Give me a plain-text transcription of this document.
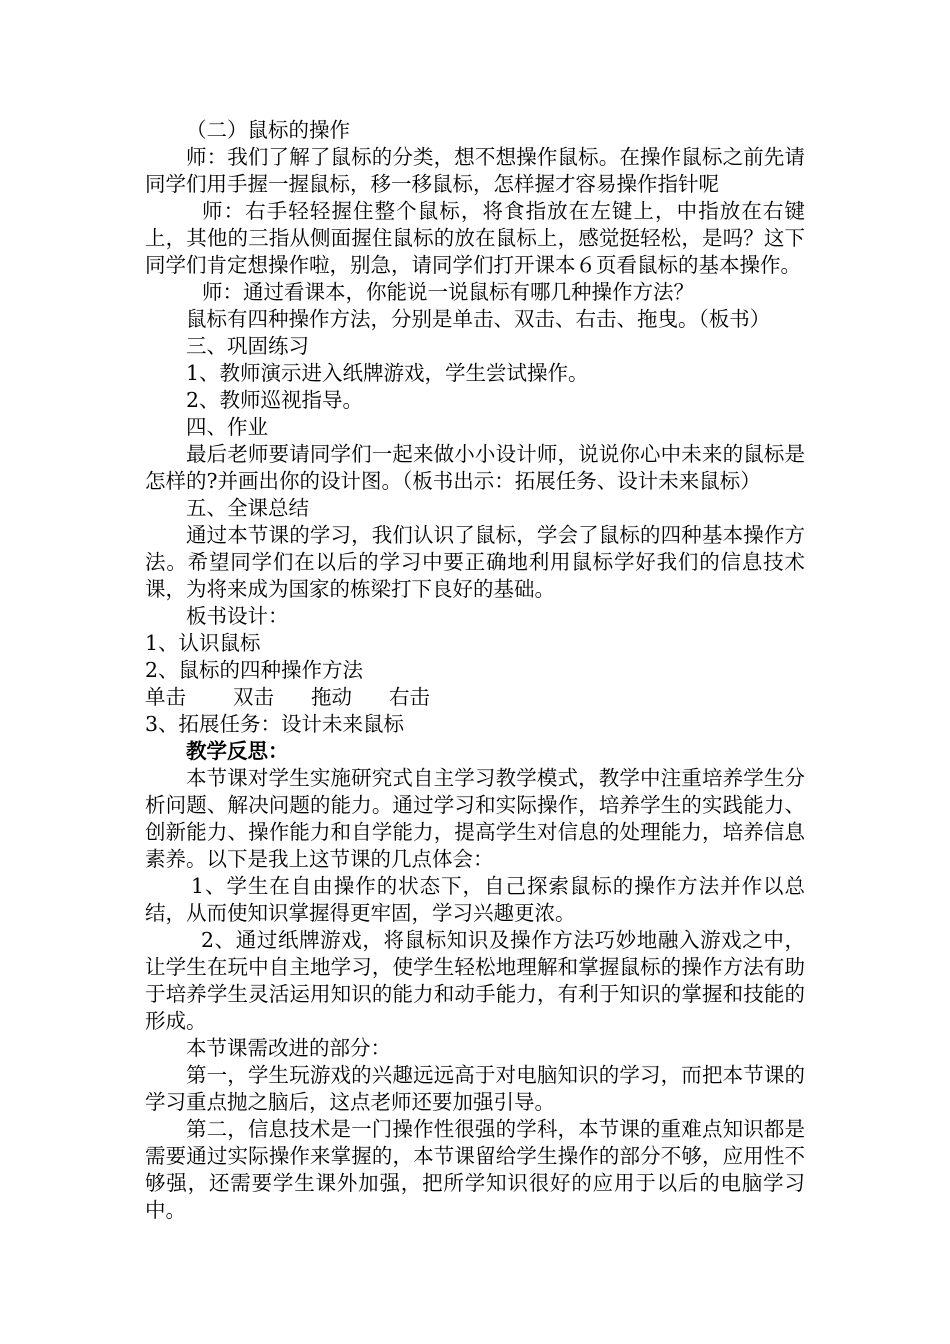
（二）鼠标的操作

师：我们了解了鼠标的分类，想不想操作鼠标。在操作鼠标之前先请同学们用手握一握鼠标，移一移鼠标，怎样握才容易操作指针呢

师：右手轻轻握住整个鼠标，将食指放在左键上，中指放在右键上，其他的三指从侧面握住鼠标的放在鼠标上，感觉挺轻松，是吗？这下同学们肯定想操作啦，别急，请同学们打开课本６页看鼠标的基本操作。

师：通过看课本，你能说一说鼠标有哪几种操作方法？

鼠标有四种操作方法，分别是单击、双击、右击、拖曳。（板书）

三、巩固练习

1、教师演示进入纸牌游戏，学生尝试操作。

2、教师巡视指导。

四、作业

最后老师要请同学们一起来做小小设计师，说说你心中未来的鼠标是怎样的?并画出你的设计图。（板书出示：拓展任务、设计未来鼠标）

五、全课总结

通过本节课的学习，我们认识了鼠标，学会了鼠标的四种基本操作方法。希望同学们在以后的学习中要正确地利用鼠标学好我们的信息技术课，为将来成为国家的栋梁打下良好的基础。

板书设计：

1、认识鼠标

2、鼠标的四种操作方法

单击 双击 拖动 右击

3、拓展任务：设计未来鼠标

教学反思：

本节课对学生实施研究式自主学习教学模式，教学中注重培养学生分析问题、解决问题的能力。通过学习和实际操作，培养学生的实践能力、创新能力、操作能力和自学能力，提高学生对信息的处理能力，培养信息素养。以下是我上这节课的几点体会：

1、学生在自由操作的状态下，自己探索鼠标的操作方法并作以总结，从而使知识掌握得更牢固，学习兴趣更浓。

2、通过纸牌游戏，将鼠标知识及操作方法巧妙地融入游戏之中，让学生在玩中自主地学习，使学生轻松地理解和掌握鼠标的操作方法有助于培养学生灵活运用知识的能力和动手能力，有利于知识的掌握和技能的形成。

本节课需改进的部分：

第一，学生玩游戏的兴趣远远高于对电脑知识的学习，而把本节课的学习重点抛之脑后，这点老师还要加强引导。

第二，信息技术是一门操作性很强的学科，本节课的重难点知识都是需要通过实际操作来掌握的，本节课留给学生操作的部分不够，应用性不够强，还需要学生课外加强，把所学知识很好的应用于以后的电脑学习中。
